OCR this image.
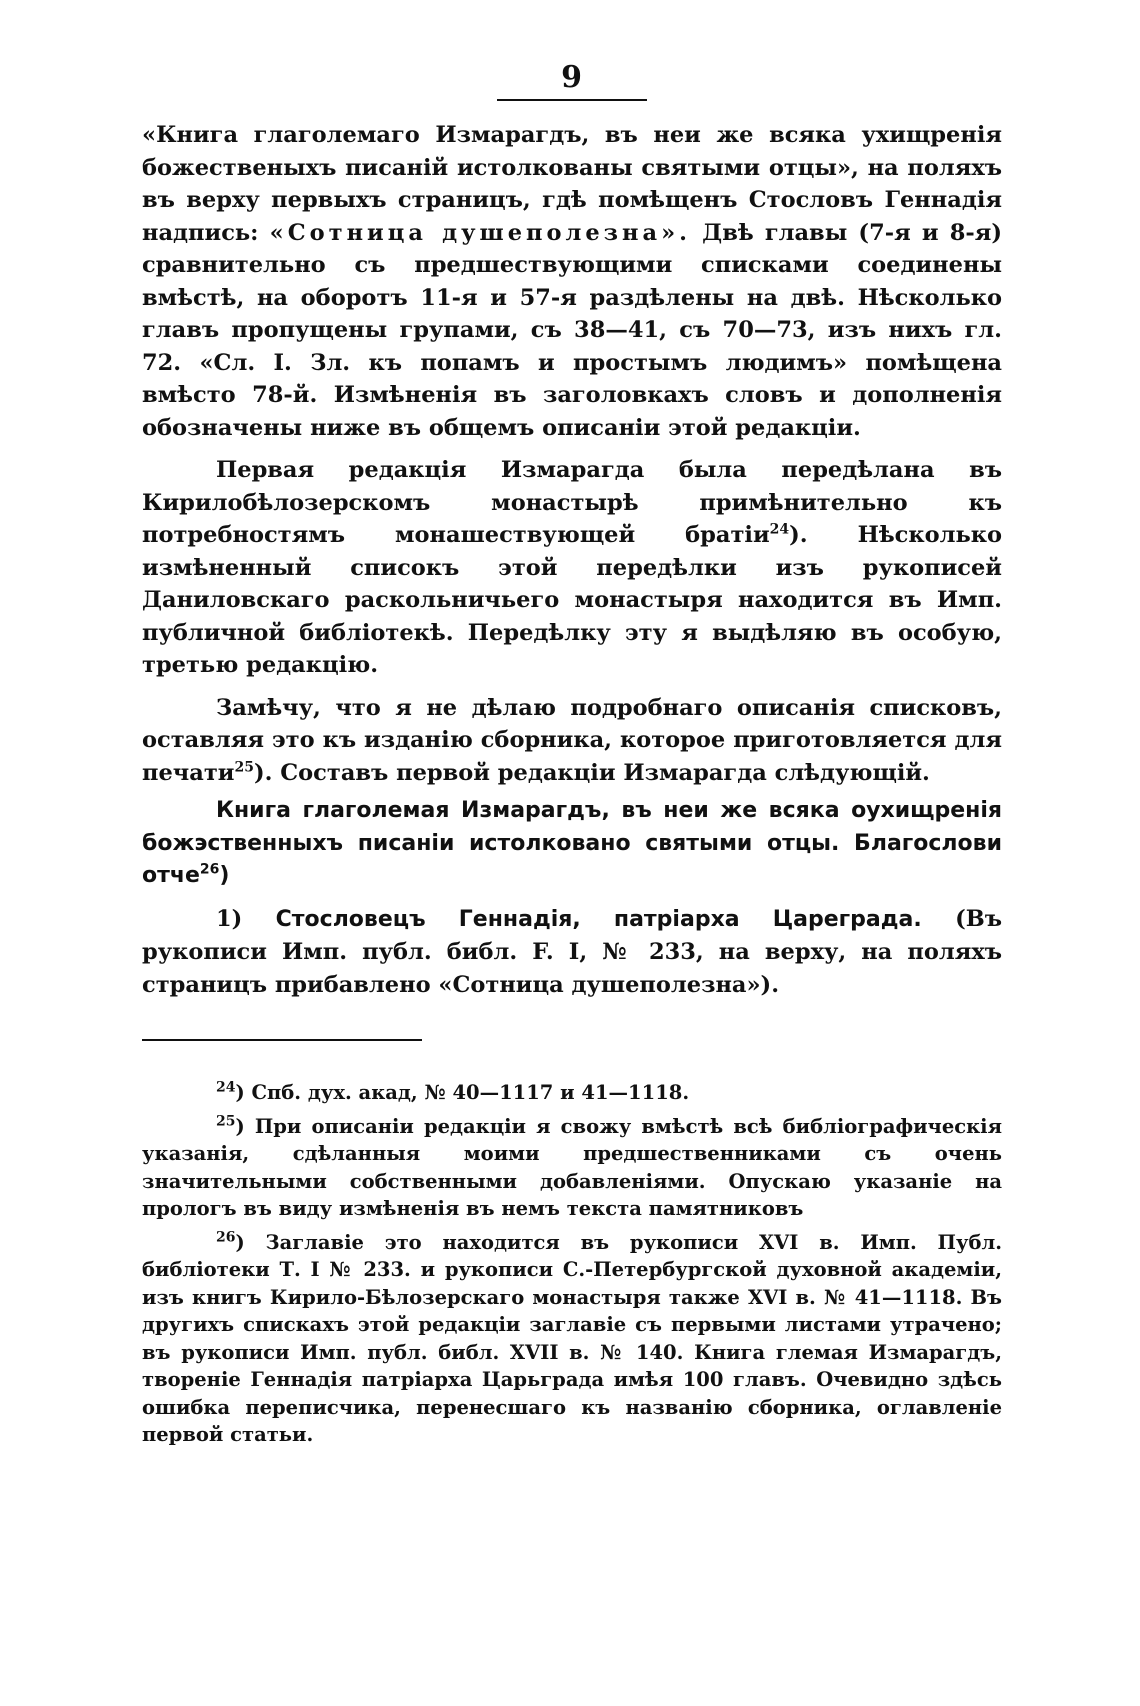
9

«Книга глаголемаго Измарагдъ, въ неи же всяка ухищренія божественыхъ писаній истолкованы святыми отцы», на поляхъ въ верху первыхъ страницъ, гдѣ помѣщенъ Стословъ Геннадія надпись: «Сотница душеполезна». Двѣ главы (7-я и 8-я) сравнительно съ предшествующими списками соединены вмѣстѣ, на оборотъ 11-я и 57-я раздѣлены на двѣ. Нѣсколько главъ пропущены групами, съ 38—41, съ 70—73, изъ нихъ гл. 72. «Сл. І. Зл. къ попамъ и простымъ людимъ» помѣщена вмѣсто 78-й. Измѣненія въ заголовкахъ словъ и дополненія обозначены ниже въ общемъ описаніи этой редакціи.

Первая редакція Измарагда была передѣлана въ Кирилобѣлозерскомъ монастырѣ примѣнительно къ потребностямъ монашествующей братіи$^{24}$). Нѣсколько измѣненный списокъ этой передѣлки изъ рукописей Даниловскаго раскольничьего монастыря находится въ Имп. публичной библіотекѣ. Передѣлку эту я выдѣляю въ особую, третью редакцію.

Замѣчу, что я не дѣлаю подробнаго описанія списковъ, оставляя это къ изданію сборника, которое приготовляется для печати$^{25}$). Составъ первой редакціи Измарагда слѣдующій.

Книга глаголемая Измарагдъ, въ неи же всяка оухищренія божэственныхъ писаніи истолковано святыми отцы. Благослови отче$^{26}$)

1) Стословецъ Геннадія, патріарха Цареграда. (Въ рукописи Имп. публ. библ. F. I, № 233, на верху, на поляхъ страницъ прибавлено «Сотница душеполезна»).

$^{24}$) Спб. дух. акад, № 40—1117 и 41—1118.

$^{25}$) При описаніи редакціи я свожу вмѣстѣ всѣ библіографическія указанія, сдѣланныя моими предшественниками съ очень значительными собственными добавленіями. Опускаю указаніе на прологъ въ виду измѣненія въ немъ текста памятниковъ

$^{26}$) Заглавіе это находится въ рукописи XVI в. Имп. Публ. библіотеки Т. I № 233. и рукописи С.-Петербургской духовной академіи, изъ книгъ Кирило-Бѣлозерскаго монастыря также XVI в. № 41—1118. Въ другихъ спискахъ этой редакціи заглавіе съ первыми листами утрачено; въ рукописи Имп. публ. библ. XVII в. № 140. Книга глемая Измарагдъ, твореніе Геннадія патріарха Царьграда имѣя 100 главъ. Очевидно здѣсь ошибка переписчика, перенесшаго къ названію сборника, оглавленіе первой статьи.
